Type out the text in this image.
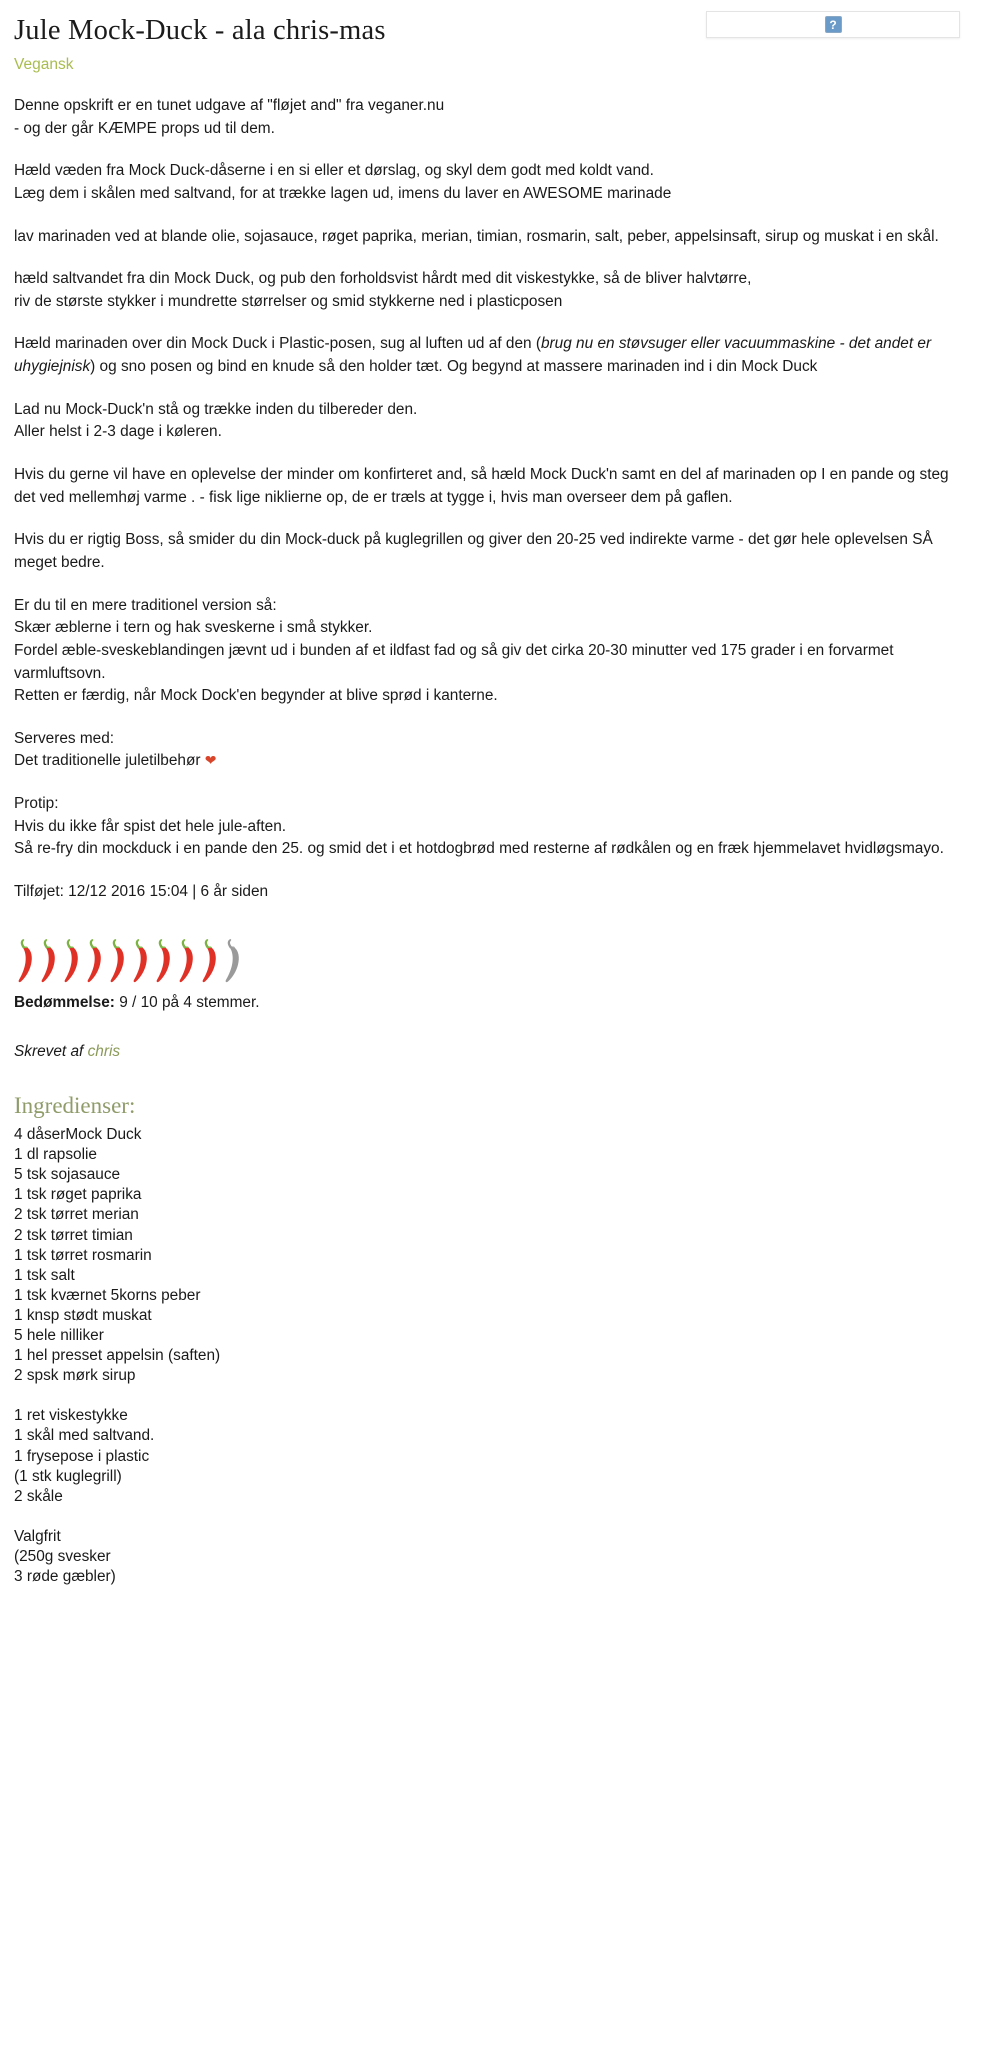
Jule Mock-Duck - ala chris-mas
Vegansk
?
Denne opskrift er en tunet udgave af "fløjet and" fra veganer.nu
- og der går KÆMPE props ud til dem.
Hæld væden fra Mock Duck-dåserne i en si eller et dørslag, og skyl dem godt med koldt vand.
Læg dem i skålen med saltvand, for at trække lagen ud, imens du laver en AWESOME marinade
lav marinaden ved at blande olie, sojasauce, røget paprika, merian, timian, rosmarin, salt, peber, appelsinsaft, sirup og muskat i en skål.
hæld saltvandet fra din Mock Duck, og pub den forholdsvist hårdt med dit viskestykke, så de bliver halvtørre,
riv de største stykker i mundrette størrelser og smid stykkerne ned i plasticposen
Hæld marinaden over din Mock Duck i Plastic-posen, sug al luften ud af den (brug nu en støvsuger eller vacuummaskine - det andet er uhygiejnisk) og sno posen og bind en knude så den holder tæt. Og begynd at massere marinaden ind i din Mock Duck
Lad nu Mock-Duck'n stå og trække inden du tilbereder den.
Aller helst i 2-3 dage i køleren.
Hvis du gerne vil have en oplevelse der minder om konfirteret and, så hæld Mock Duck'n samt en del af marinaden op I en pande og steg det ved mellemhøj varme . - fisk lige niklierne op, de er træls at tygge i, hvis man overseer dem på gaflen.
Hvis du er rigtig Boss, så smider du din Mock-duck på kuglegrillen og giver den 20-25 ved indirekte varme - det gør hele oplevelsen SÅ meget bedre.
Er du til en mere traditionel version så:
Skær æblerne i tern og hak sveskerne i små stykker.
Fordel æble-sveskeblandingen jævnt ud i bunden af et ildfast fad og så giv det cirka 20-30 minutter ved 175 grader i en forvarmet varmluftsovn.
Retten er færdig, når Mock Dock'en begynder at blive sprød i kanterne.
Serveres med:
Det traditionelle juletilbehør ❤
Protip:
Hvis du ikke får spist det hele jule-aften.
Så re-fry din mockduck i en pande den 25. og smid det i et hotdogbrød med resterne af rødkålen og en fræk hjemmelavet hvidløgsmayo.
Tilføjet: 12/12 2016 15:04 | 6 år siden
Bedømmelse: 9 / 10 på 4 stemmer.
Skrevet af chris
Ingredienser:
4 dåserMock Duck
1 dl rapsolie
5 tsk sojasauce
1 tsk røget paprika
2 tsk tørret merian
2 tsk tørret timian
1 tsk tørret rosmarin
1 tsk salt
1 tsk kværnet 5korns peber
1 knsp stødt muskat
5 hele nilliker
1 hel presset appelsin (saften)
2 spsk mørk sirup
1 ret viskestykke
1 skål med saltvand.
1 frysepose i plastic
(1 stk kuglegrill)
2 skåle
Valgfrit
(250g svesker
3 røde gæbler)
